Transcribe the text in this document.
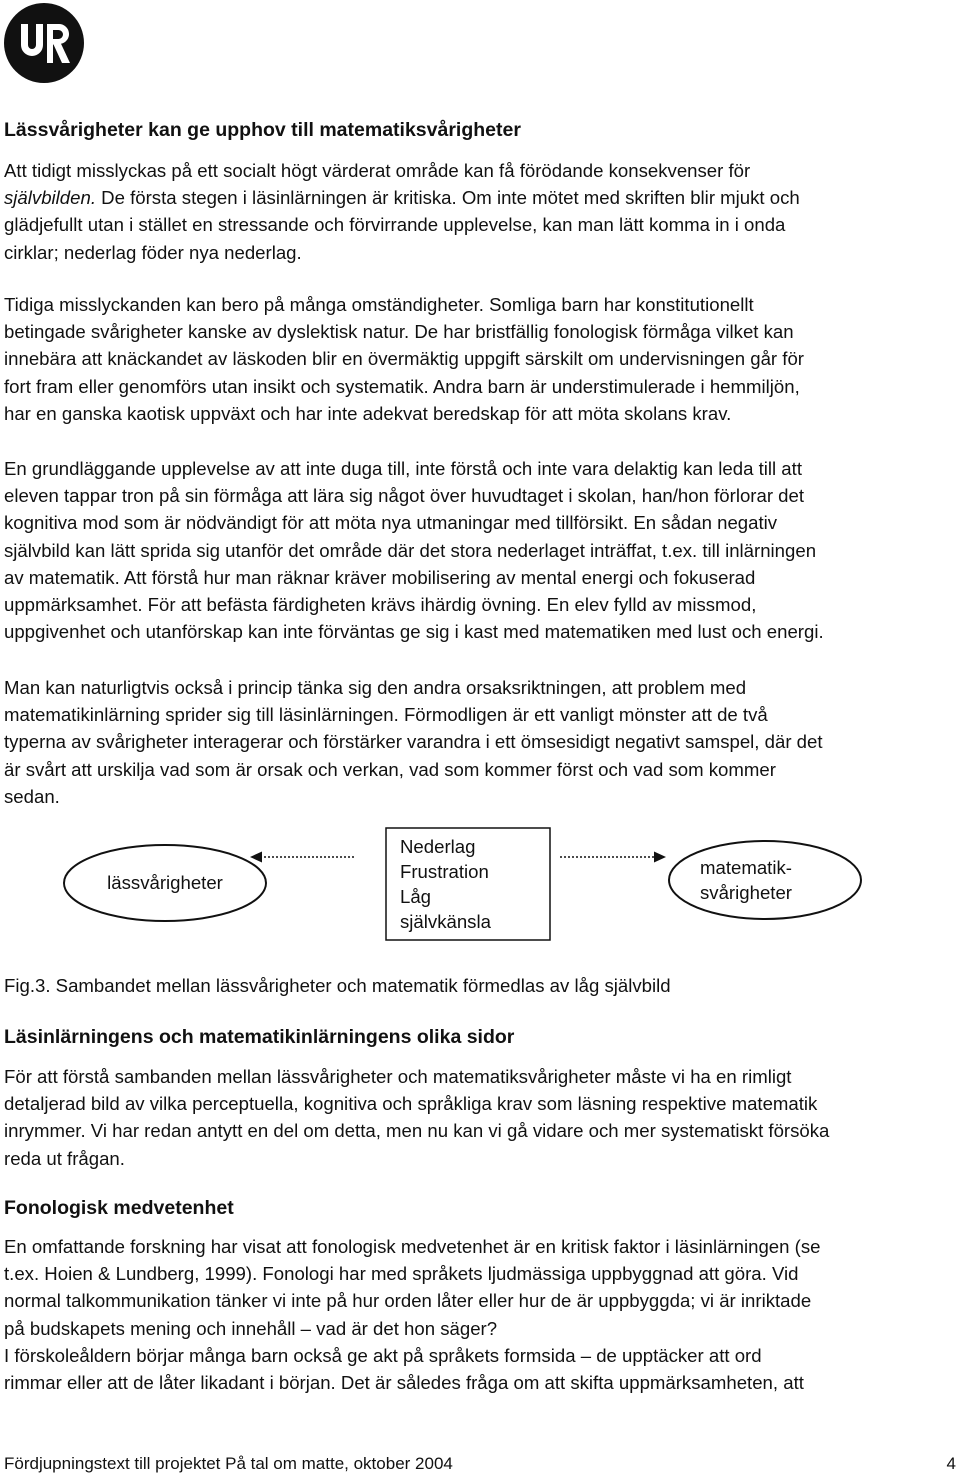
Lässvårigheter kan ge upphov till matematiksvårigheter
Att tidigt misslyckas på ett socialt högt värderat område kan få förödande konsekvenser för
självbilden. De första stegen i läsinlärningen är kritiska. Om inte mötet med skriften blir mjukt och
glädjefullt utan i stället en stressande och förvirrande upplevelse, kan man lätt komma in i onda
cirklar; nederlag föder nya nederlag.
Tidiga misslyckanden kan bero på många omständigheter. Somliga barn har konstitutionellt
betingade svårigheter kanske av dyslektisk natur. De har bristfällig fonologisk förmåga vilket kan
innebära att knäckandet av läskoden blir en övermäktig uppgift särskilt om undervisningen går för
fort fram eller genomförs utan insikt och systematik. Andra barn är understimulerade i hemmiljön,
har en ganska kaotisk uppväxt och har inte adekvat beredskap för att möta skolans krav.
En grundläggande upplevelse av att inte duga till, inte förstå och inte vara delaktig kan leda till att
eleven tappar tron på sin förmåga att lära sig något över huvudtaget i skolan, han/hon förlorar det
kognitiva mod som är nödvändigt för att möta nya utmaningar med tillförsikt. En sådan negativ
självbild kan lätt sprida sig utanför det område där det stora nederlaget inträffat, t.ex. till inlärningen
av matematik. Att förstå hur man räknar kräver mobilisering av mental energi och fokuserad
uppmärksamhet. För att befästa färdigheten krävs ihärdig övning. En elev fylld av missmod,
uppgivenhet och utanförskap kan inte förväntas ge sig i kast med matematiken med lust och energi.
Man kan naturligtvis också i princip tänka sig den andra orsaksriktningen, att problem med
matematikinlärning sprider sig till läsinlärningen. Förmodligen är ett vanligt mönster att de två
typerna av svårigheter interagerar och förstärker varandra i ett ömsesidigt negativt samspel, där det
är svårt att urskilja vad som är orsak och verkan, vad som kommer först och vad som kommer
sedan.
lässvårigheter
Nederlag
Frustration
Låg
självkänsla
matematik-
svårigheter

Fig.3. Sambandet mellan lässvårigheter och matematik förmedlas av låg självbild

Läsinlärningens och matematikinlärningens olika sidor
För att förstå sambanden mellan lässvårigheter och matematiksvårigheter måste vi ha en rimligt
detaljerad bild av vilka perceptuella, kognitiva och språkliga krav som läsning respektive matematik
inrymmer. Vi har redan antytt en del om detta, men nu kan vi gå vidare och mer systematiskt försöka
reda ut frågan.
Fonologisk medvetenhet
En omfattande forskning har visat att fonologisk medvetenhet är en kritisk faktor i läsinlärningen (se
t.ex. Hoien & Lundberg, 1999). Fonologi har med språkets ljudmässiga uppbyggnad att göra. Vid
normal talkommunikation tänker vi inte på hur orden låter eller hur de är uppbyggda; vi är inriktade
på budskapets mening och innehåll – vad är det hon säger?
I förskoleåldern börjar många barn också ge akt på språkets formsida – de upptäcker att ord
rimmar eller att de låter likadant i början. Det är således fråga om att skifta uppmärksamheten, att
Fördjupningstext till projektet På tal om matte, oktober 2004	4
